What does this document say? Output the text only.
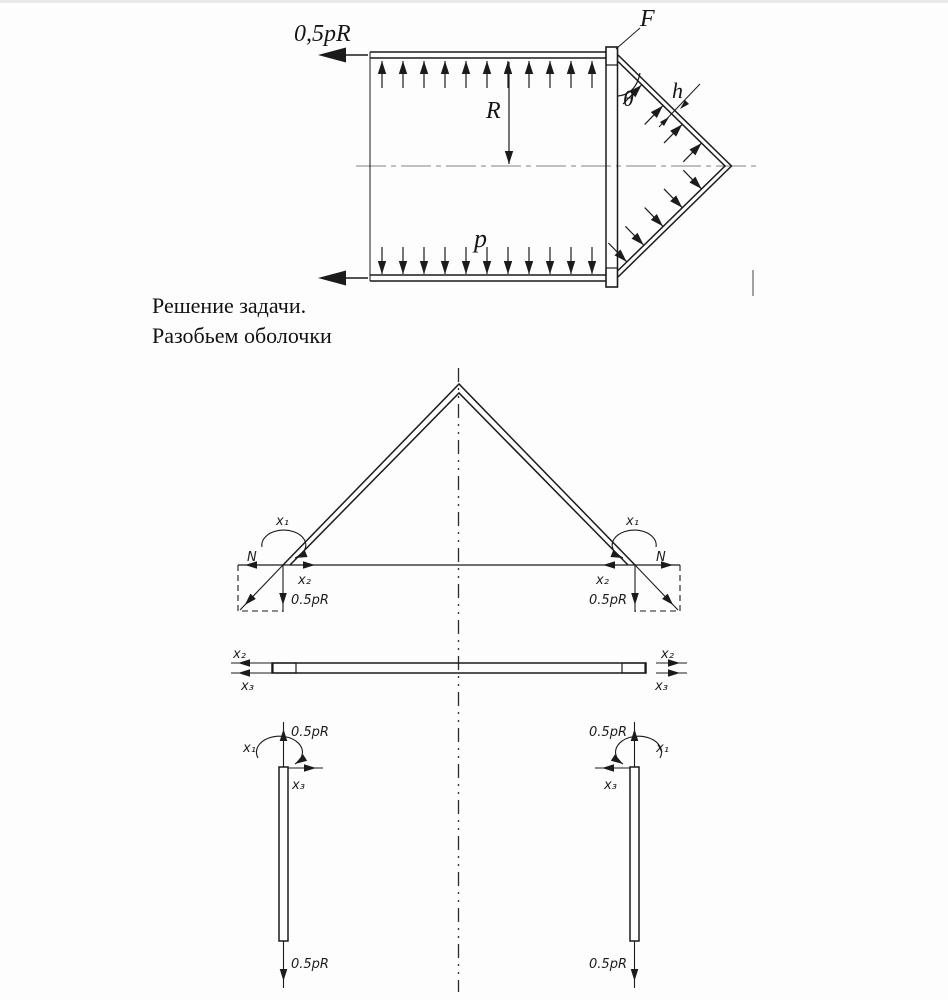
0,5pR
R
p
θ h
F
x₁
N
x₂
0.5pR
x₁
N
x₂
0.5pR
x₂
x₃
x₂
x₃
0.5pR
x₁
x₃
0.5pR
0.5pR
x₁
x₃
0.5pR
Решение задачи.
Разобьем оболочки
